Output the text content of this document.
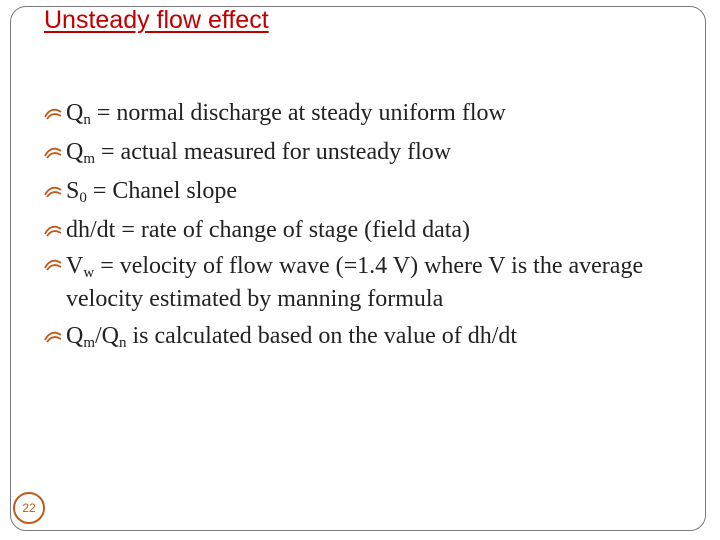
Unsteady flow effect
$Q_n$ = normal discharge at steady uniform flow
$Q_m$ = actual measured for unsteady flow
$S_0$ = Chanel slope
dh/dt = rate of change of stage (field data)
$V_w$ = velocity of flow wave (=1.4 V) where V is the average velocity estimated by manning formula
$Q_m/Q_n$ is calculated based on the value of dh/dt
22
